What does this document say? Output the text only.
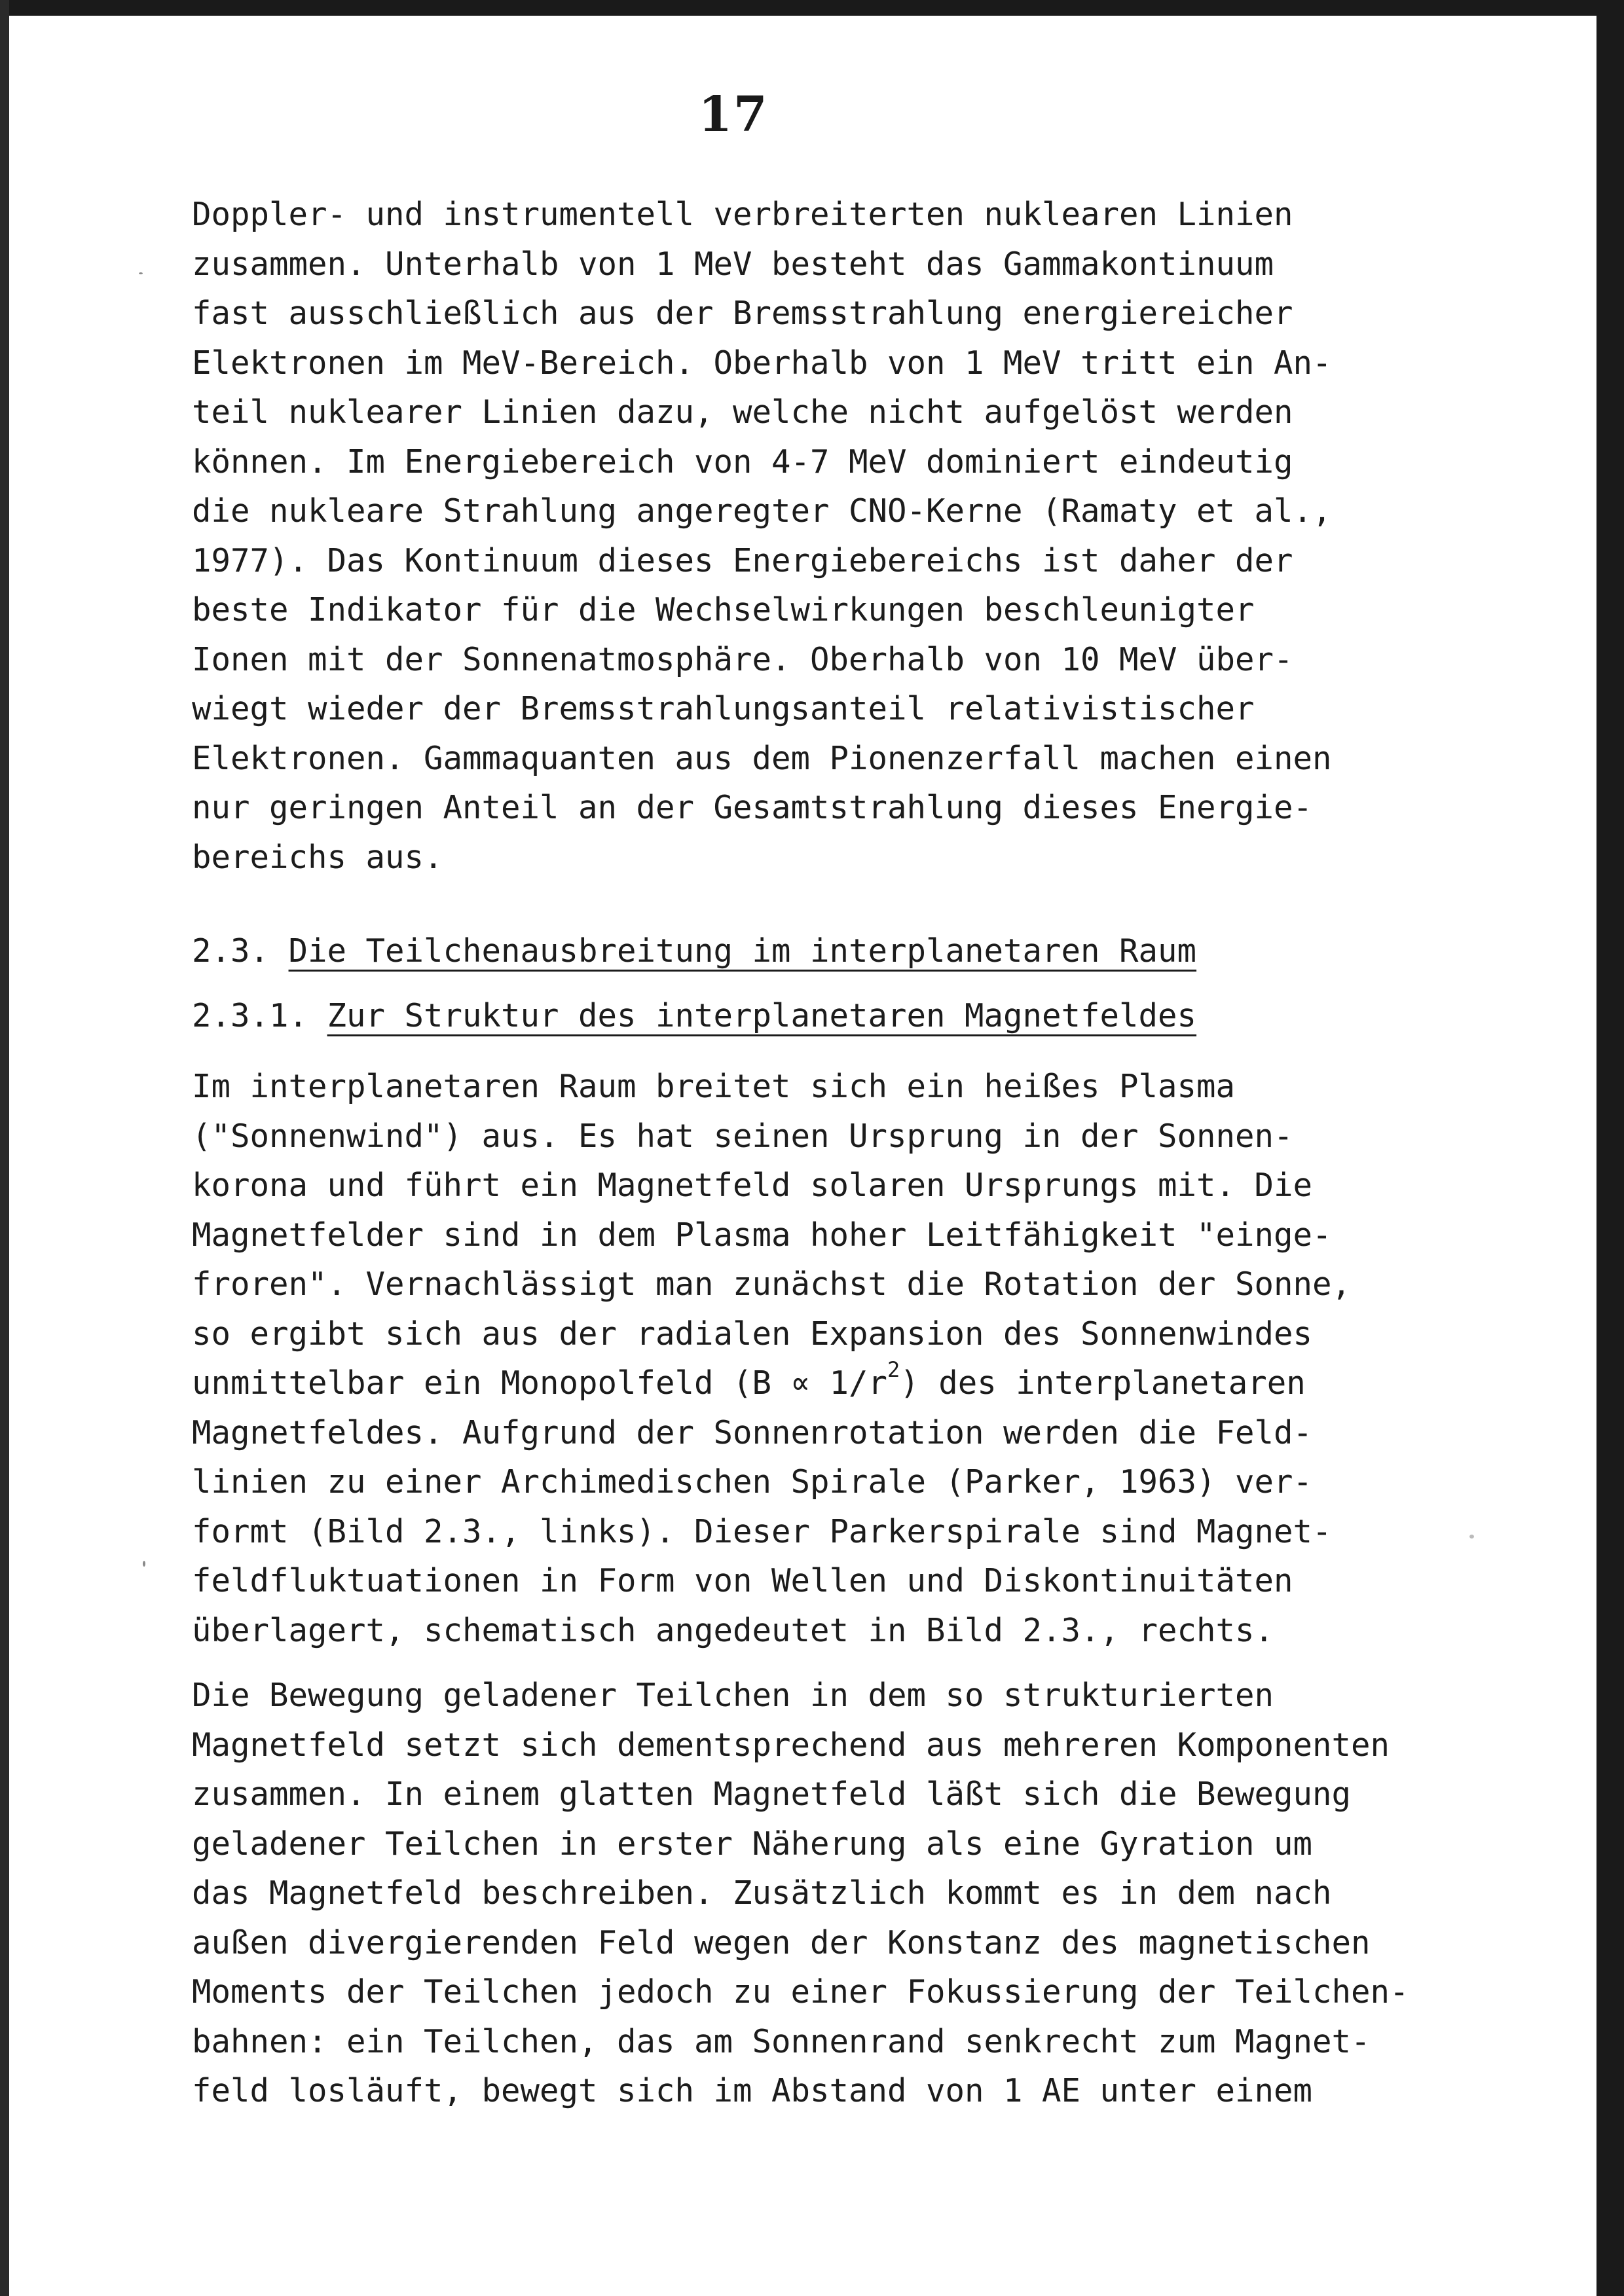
17
Doppler- und instrumentell verbreiterten nuklearen Linien
zusammen. Unterhalb von 1 MeV besteht das Gammakontinuum
fast ausschließlich aus der Bremsstrahlung energiereicher
Elektronen im MeV-Bereich. Oberhalb von 1 MeV tritt ein An-
teil nuklearer Linien dazu, welche nicht aufgelöst werden
können. Im Energiebereich von 4-7 MeV dominiert eindeutig
die nukleare Strahlung angeregter CNO-Kerne (Ramaty et al.,
1977). Das Kontinuum dieses Energiebereichs ist daher der
beste Indikator für die Wechselwirkungen beschleunigter
Ionen mit der Sonnenatmosphäre. Oberhalb von 10 MeV über-
wiegt wieder der Bremsstrahlungsanteil relativistischer
Elektronen. Gammaquanten aus dem Pionenzerfall machen einen
nur geringen Anteil an der Gesamtstrahlung dieses Energie-
bereichs aus.
2.3. Die Teilchenausbreitung im interplanetaren Raum
2.3.1. Zur Struktur des interplanetaren Magnetfeldes
Im interplanetaren Raum breitet sich ein heißes Plasma
("Sonnenwind") aus. Es hat seinen Ursprung in der Sonnen-
korona und führt ein Magnetfeld solaren Ursprungs mit. Die
Magnetfelder sind in dem Plasma hoher Leitfähigkeit "einge-
froren". Vernachlässigt man zunächst die Rotation der Sonne,
so ergibt sich aus der radialen Expansion des Sonnenwindes
unmittelbar ein Monopolfeld $(B \propto 1/r^2)$ des interplanetaren
Magnetfeldes. Aufgrund der Sonnenrotation werden die Feld-
linien zu einer Archimedischen Spirale (Parker, 1963) ver-
formt (Bild 2.3., links). Dieser Parkerspirale sind Magnet-
feldfluktuationen in Form von Wellen und Diskontinuitäten
überlagert, schematisch angedeutet in Bild 2.3., rechts.
Die Bewegung geladener Teilchen in dem so strukturierten
Magnetfeld setzt sich dementsprechend aus mehreren Komponenten
zusammen. In einem glatten Magnetfeld läßt sich die Bewegung
geladener Teilchen in erster Näherung als eine Gyration um
das Magnetfeld beschreiben. Zusätzlich kommt es in dem nach
außen divergierenden Feld wegen der Konstanz des magnetischen
Moments der Teilchen jedoch zu einer Fokussierung der Teilchen-
bahnen: ein Teilchen, das am Sonnenrand senkrecht zum Magnet-
feld losläuft, bewegt sich im Abstand von 1 AE unter einem
